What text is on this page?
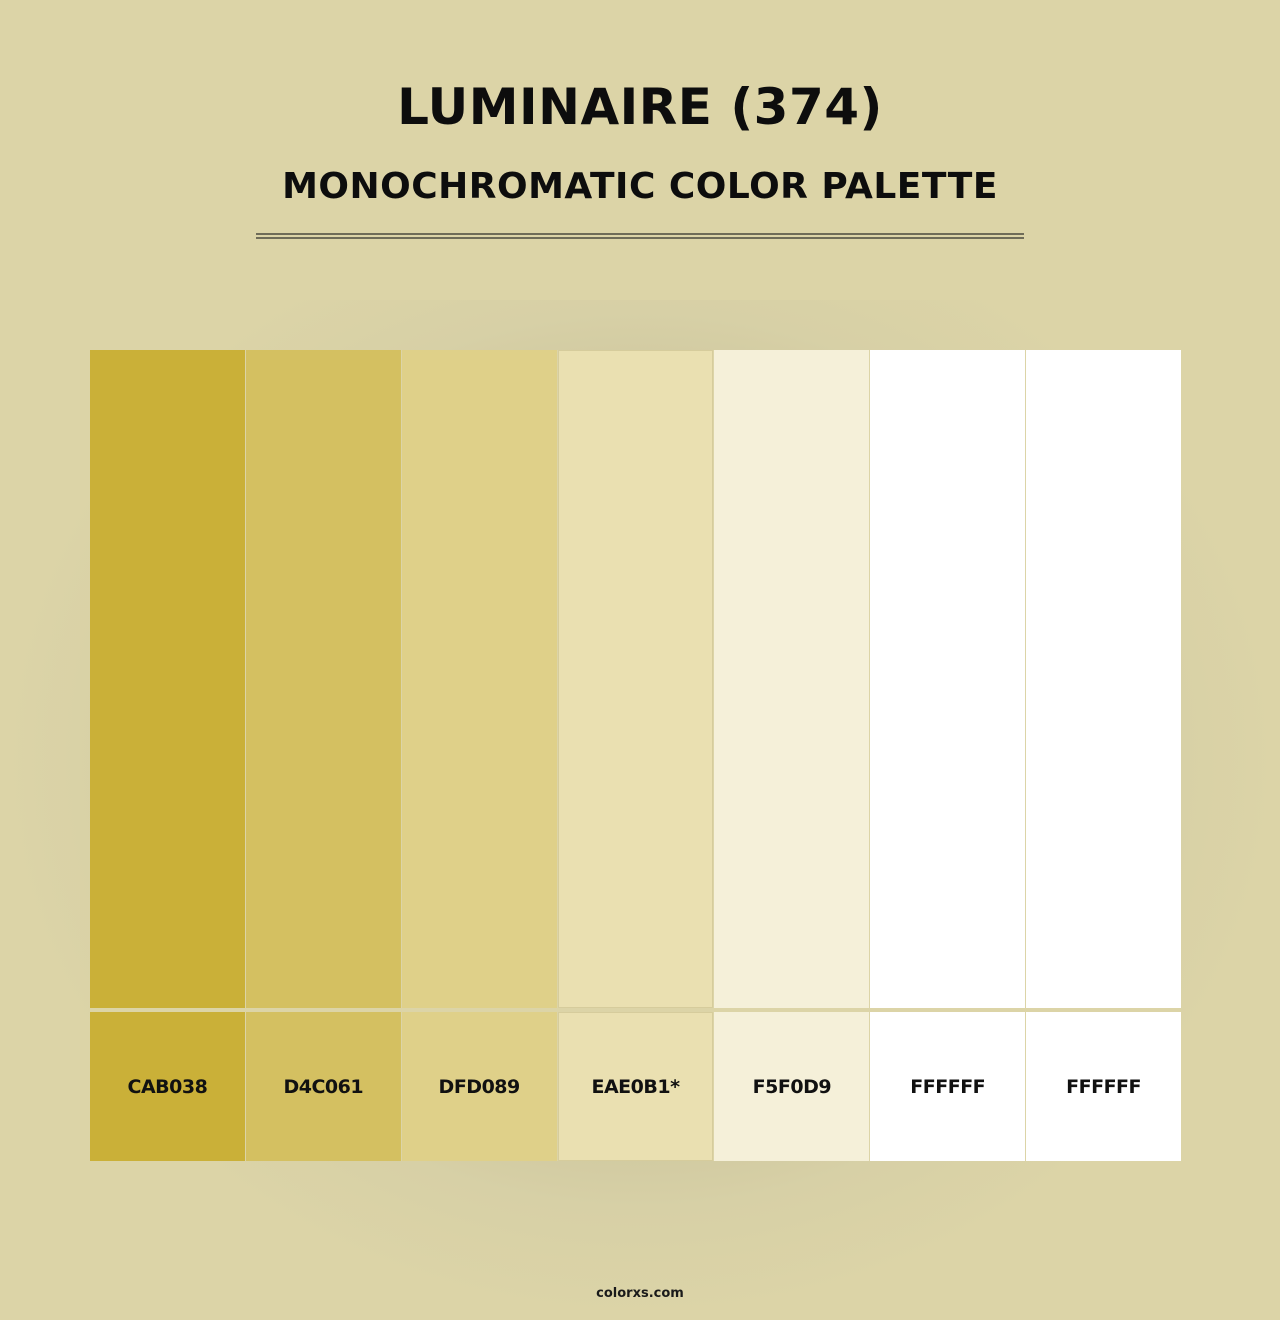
LUMINAIRE (374)
MONOCHROMATIC COLOR PALETTE
CAB038	D4C061	DFD089	EAE0B1*	F5F0D9	FFFFFF	FFFFFF
colorxs.com
